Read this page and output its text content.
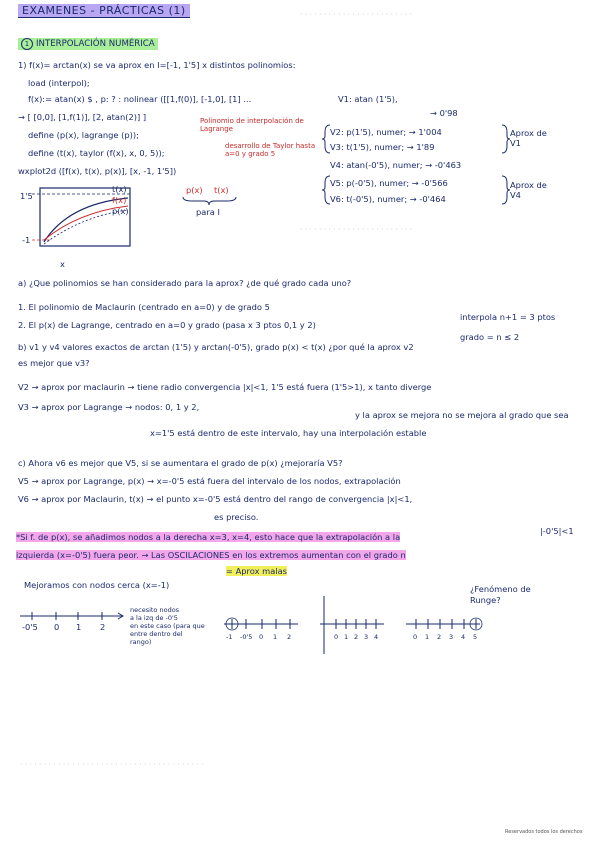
· · · · · · · · · · · · · · · · · · · · · · · ·
· · · · · · · · · · · · · · · · · · · · · · · ·
· · · · · · · · · · · · · · · · · · · · · · · · · · · · · · · · · · · · · · ·
EXAMENES - PRÁCTICAS (1)
1 INTERPOLACIÓN NUMÉRICA
1) f(x)= arctan(x) se va aprox en I=[-1, 1'5] x distintos polinomios:
load (interpol);
f(x):= atan(x) $ , p: ? : nolinear ([[1,f(0)], [-1,0], [1] ...
→ [ [0,0], [1,f(1)], [2, atan(2)] ]
define (p(x), lagrange (p));
define (t(x), taylor (f(x), x, 0, 5));
wxplot2d ([f(x), t(x), p(x)], [x, -1, 1'5])
Polinomio de interpolación de Lagrange
desarrollo de Taylor hasta a=0 y grado 5
V1: atan (1'5),
→ 0'98
V2: p(1'5), numer; → 1'004
V3: t(1'5), numer; → 1'89
Aprox de V1
V4: atan(-0'5), numer; → -0'463
V5: p(-0'5), numer; → -0'566
V6: t(-0'5), numer; → -0'464
Aprox de V4
1'5
-1
x
t(x)
f(x)
p(x)
p(x) t(x)
para I
a) ¿Que polinomios se han considerado para la aprox? ¿de qué grado cada uno?
1. El polinomio de Maclaurin (centrado en a=0) y de grado 5
2. El p(x) de Lagrange, centrado en a=0 y grado (pasa x 3 ptos 0,1 y 2)
interpola n+1 = 3 ptos
grado = n ≤ 2
b) v1 y v4 valores exactos de arctan (1'5) y arctan(-0'5), grado p(x) < t(x) ¿por qué la aprox v2
es mejor que v3?
V2 → aprox por maclaurin → tiene radio convergencia |x|<1, 1'5 está fuera (1'5>1), x tanto diverge
y la aprox se mejora no se mejora al grado que sea
V3 → aprox por Lagrange → nodos: 0, 1 y 2,
x=1'5 está dentro de este intervalo, hay una interpolación estable
c) Ahora v6 es mejor que V5, si se aumentara el grado de p(x) ¿mejoraría V5?
V5 → aprox por Lagrange, p(x) → x=-0'5 está fuera del intervalo de los nodos, extrapolación
V6 → aprox por Maclaurin, t(x) → el punto x=-0'5 está dentro del rango de convergencia |x|<1,
es preciso.
|-0'5|<1
*Si f. de p(x), se añadimos nodos a la derecha x=3, x=4, esto hace que la extrapolación a la
izquierda (x=-0'5) fuera peor. → Las OSCILACIONES en los extremos aumentan con el grado n
= Aprox malas
Mejoramos con nodos cerca (x=-1)	¿Fenómeno de Runge?
-0'5 0 1 2
necesito nodos
a la izq de -0'5
en este caso (para que
entre dentro del
rango)
-1 -0'5 0 1 2	0 1 2 3 4	0 1 2 3 4 5
Reservados todos los derechos
